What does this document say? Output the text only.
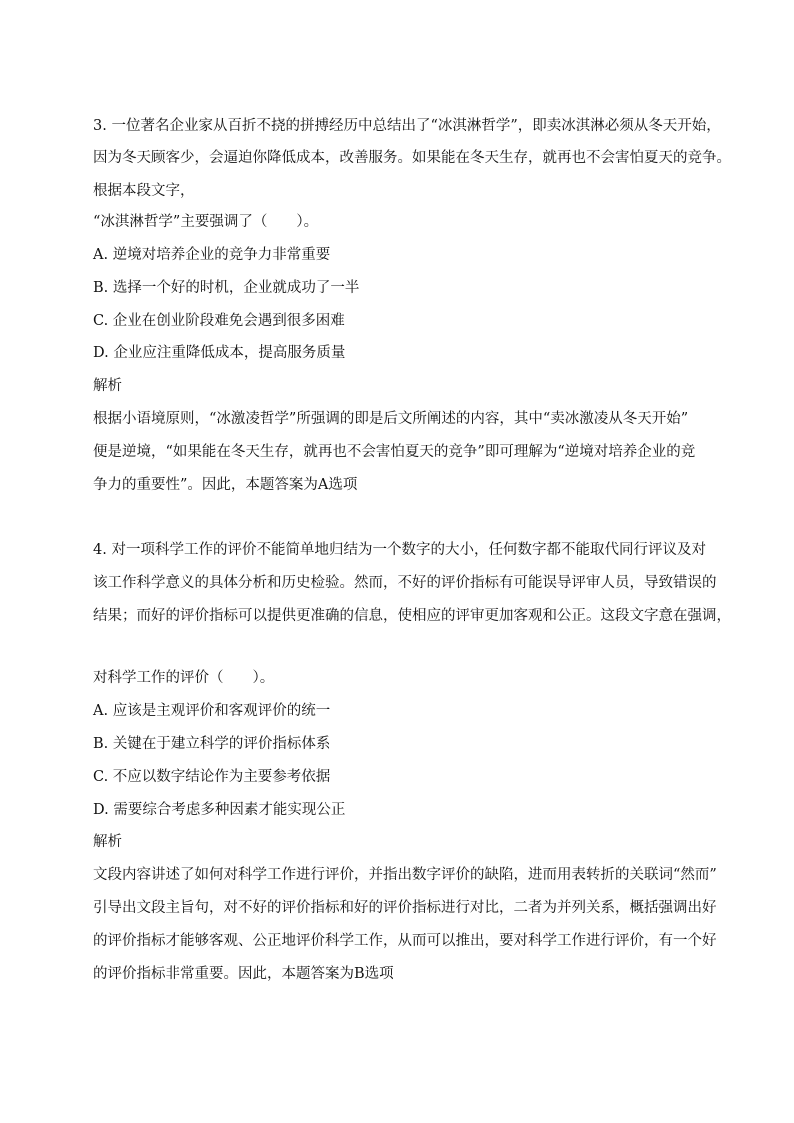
3. 一位著名企业家从百折不挠的拼搏经历中总结出了“冰淇淋哲学”，即卖冰淇淋必须从冬天开始，
因为冬天顾客少，会逼迫你降低成本，改善服务。如果能在冬天生存，就再也不会害怕夏天的竞争。
根据本段文字，
“冰淇淋哲学”主要强调了（　　）。
A. 逆境对培养企业的竞争力非常重要
B. 选择一个好的时机，企业就成功了一半
C. 企业在创业阶段难免会遇到很多困难
D. 企业应注重降低成本，提高服务质量
解析
根据小语境原则，“冰激凌哲学”所强调的即是后文所阐述的内容，其中“卖冰激凌从冬天开始”
便是逆境，“如果能在冬天生存，就再也不会害怕夏天的竞争”即可理解为“逆境对培养企业的竞
争力的重要性”。因此，本题答案为A选项
4. 对一项科学工作的评价不能简单地归结为一个数字的大小，任何数字都不能取代同行评议及对
该工作科学意义的具体分析和历史检验。然而，不好的评价指标有可能误导评审人员，导致错误的
结果；而好的评价指标可以提供更准确的信息，使相应的评审更加客观和公正。这段文字意在强调，
对科学工作的评价（　　）。
A. 应该是主观评价和客观评价的统一
B. 关键在于建立科学的评价指标体系
C. 不应以数字结论作为主要参考依据
D. 需要综合考虑多种因素才能实现公正
解析
文段内容讲述了如何对科学工作进行评价，并指出数字评价的缺陷，进而用表转折的关联词“然而”
引导出文段主旨句，对不好的评价指标和好的评价指标进行对比，二者为并列关系，概括强调出好
的评价指标才能够客观、公正地评价科学工作，从而可以推出，要对科学工作进行评价，有一个好
的评价指标非常重要。因此，本题答案为B选项
